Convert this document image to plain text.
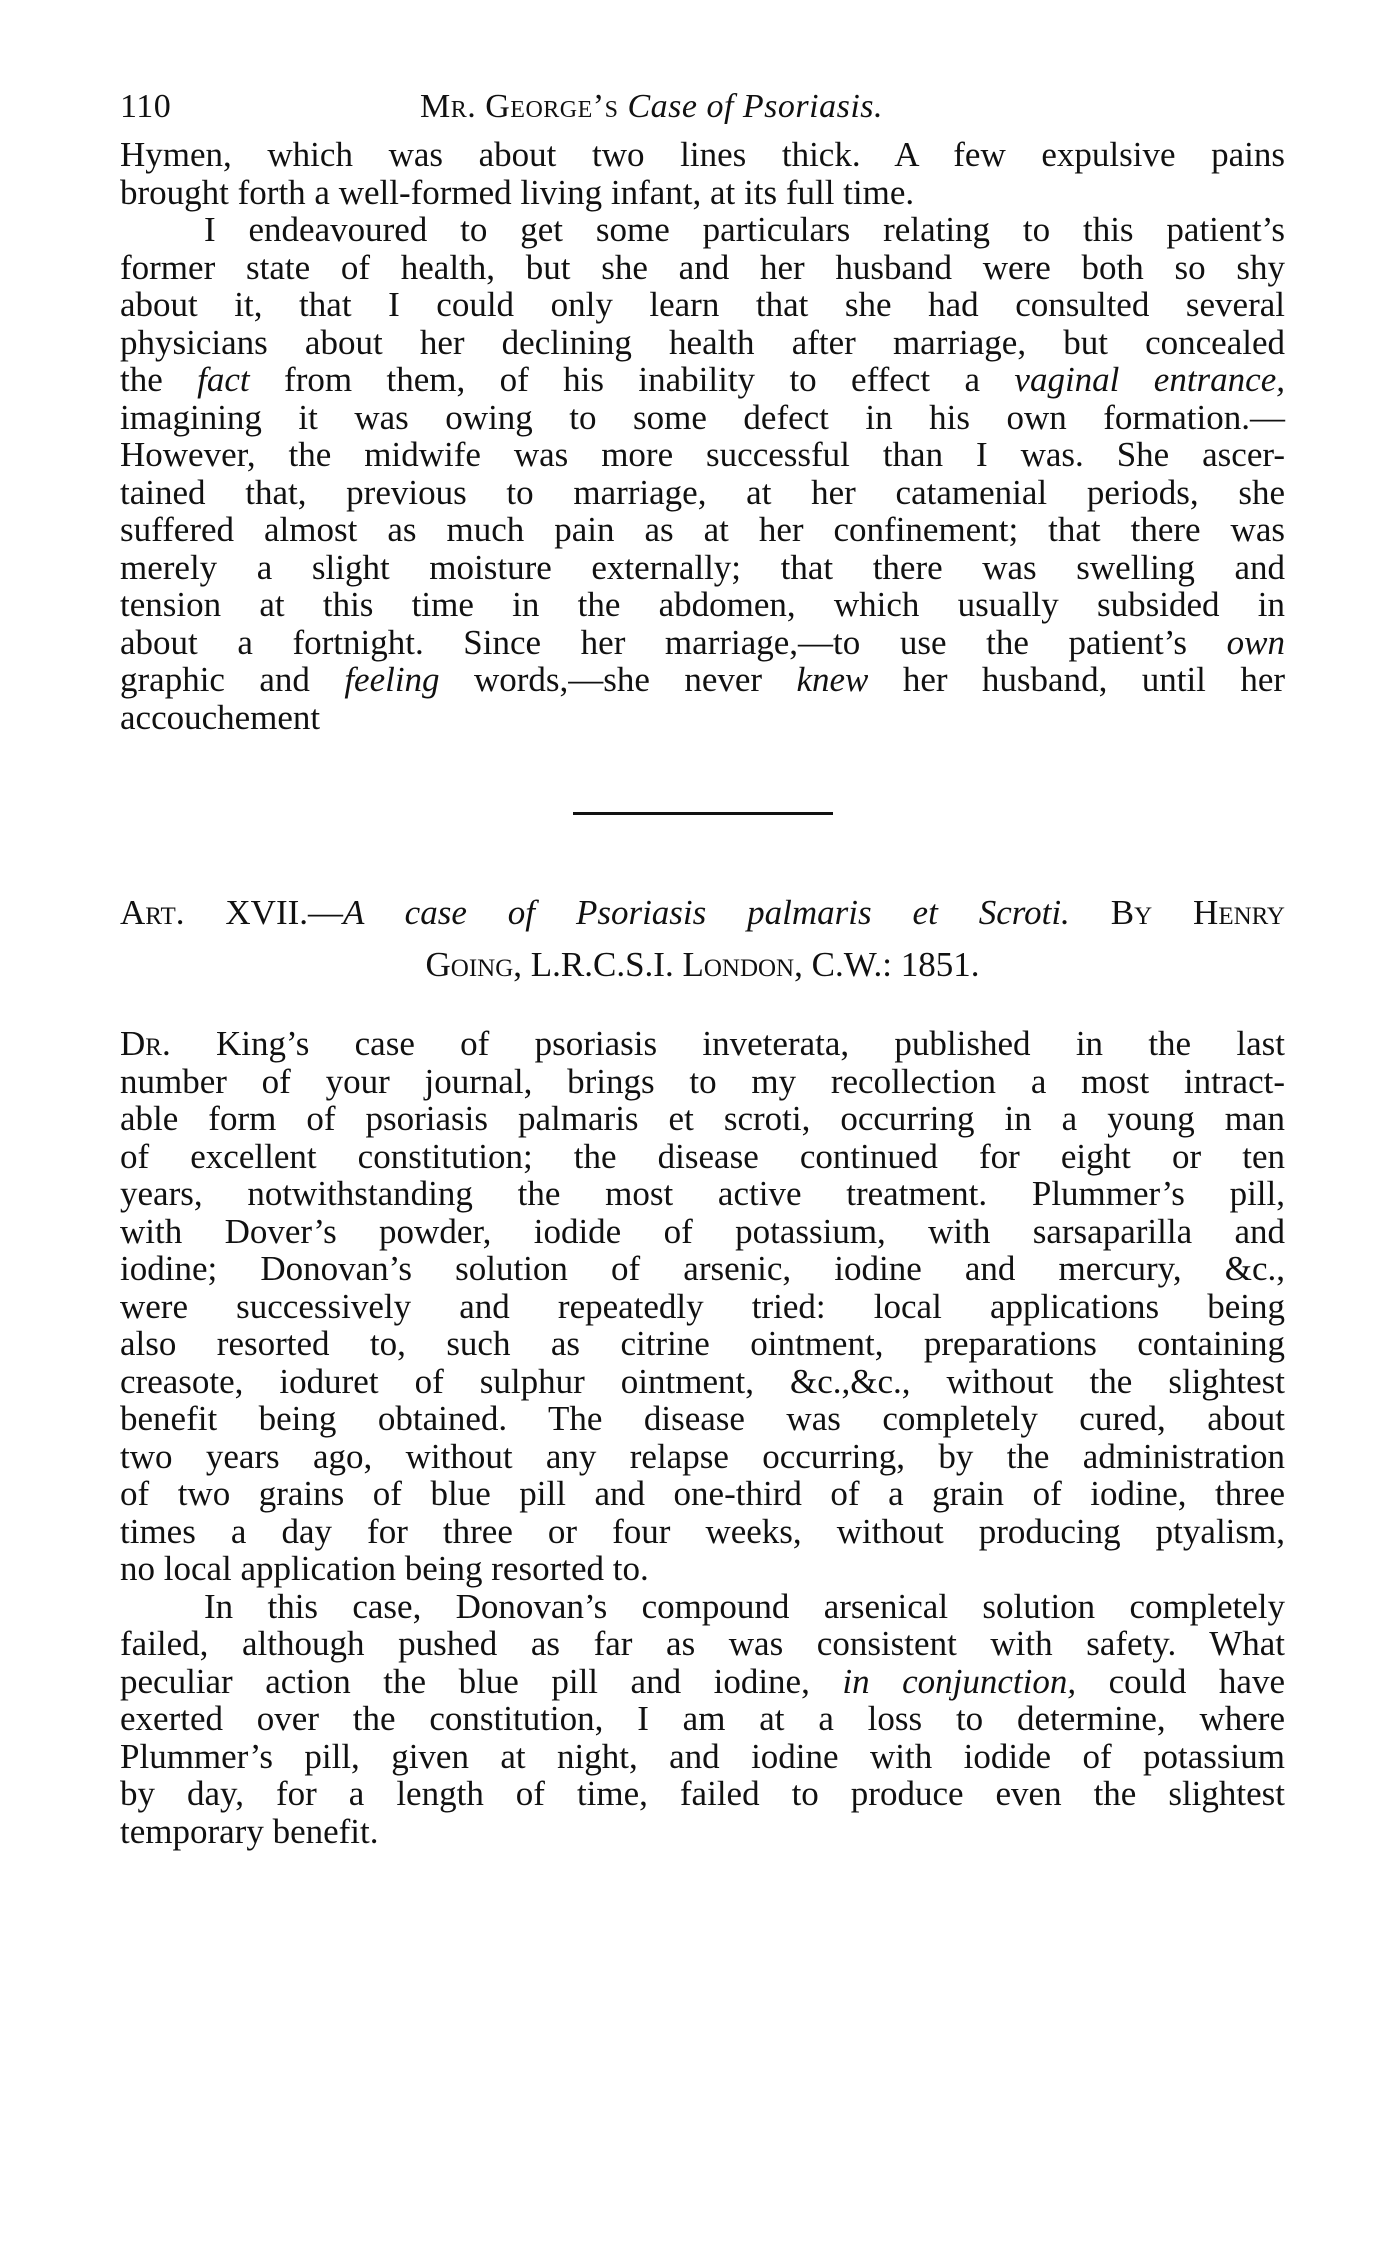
110	Mr. George’s Case of Psoriasis.
Hymen, which was about two lines thick. A few expulsive pains
brought forth a well-formed living infant, at its full time.
I endeavoured to get some particulars relating to this patient’s
former state of health, but she and her husband were both so shy
about it, that I could only learn that she had consulted several
physicians about her declining health after marriage, but concealed
the fact from them, of his inability to effect a vaginal entrance,
imagining it was owing to some defect in his own formation.—
However, the midwife was more successful than I was. She ascer-
tained that, previous to marriage, at her catamenial periods, she
suffered almost as much pain as at her confinement; that there was
merely a slight moisture externally; that there was swelling and
tension at this time in the abdomen, which usually subsided in
about a fortnight. Since her marriage,—to use the patient’s own
graphic and feeling words,—she never knew her husband, until her
accouchement
Art. XVII.—A case of Psoriasis palmaris et Scroti. By Henry
Going, L.R.C.S.I. London, C.W.: 1851.
Dr. King’s case of psoriasis inveterata, published in the last
number of your journal, brings to my recollection a most intract-
able form of psoriasis palmaris et scroti, occurring in a young man
of excellent constitution; the disease continued for eight or ten
years, notwithstanding the most active treatment. Plummer’s pill,
with Dover’s powder, iodide of potassium, with sarsaparilla and
iodine; Donovan’s solution of arsenic, iodine and mercury, &c.,
were successively and repeatedly tried: local applications being
also resorted to, such as citrine ointment, preparations containing
creasote, ioduret of sulphur ointment, &c.,&c., without the slightest
benefit being obtained. The disease was completely cured, about
two years ago, without any relapse occurring, by the administration
of two grains of blue pill and one-third of a grain of iodine, three
times a day for three or four weeks, without producing ptyalism,
no local application being resorted to.
In this case, Donovan’s compound arsenical solution completely
failed, although pushed as far as was consistent with safety. What
peculiar action the blue pill and iodine, in conjunction, could have
exerted over the constitution, I am at a loss to determine, where
Plummer’s pill, given at night, and iodine with iodide of potassium
by day, for a length of time, failed to produce even the slightest
temporary benefit.
